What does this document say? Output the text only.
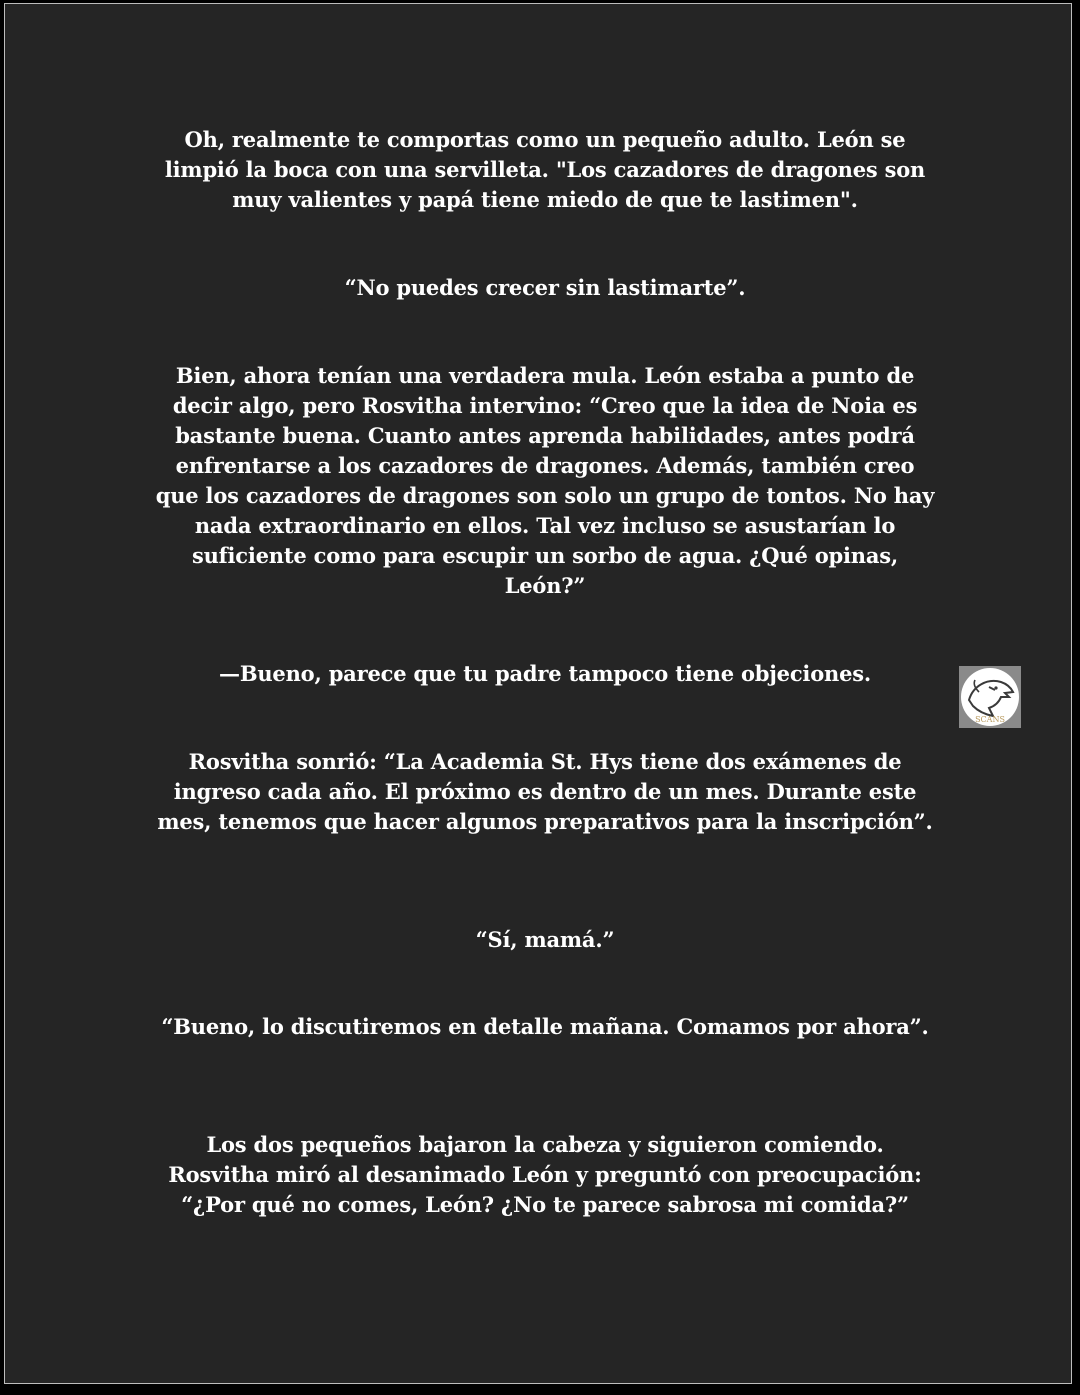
Oh, realmente te comportas como un pequeño adulto. León se limpió la boca con una servilleta. "Los cazadores de dragones son muy valientes y papá tiene miedo de que te lastimen".

“No puedes crecer sin lastimarte”.

Bien, ahora tenían una verdadera mula. León estaba a punto de decir algo, pero Rosvitha intervino: “Creo que la idea de Noia es bastante buena. Cuanto antes aprenda habilidades, antes podrá enfrentarse a los cazadores de dragones. Además, también creo que los cazadores de dragones son solo un grupo de tontos. No hay nada extraordinario en ellos. Tal vez incluso se asustarían lo suficiente como para escupir un sorbo de agua. ¿Qué opinas, León?”

—Bueno, parece que tu padre tampoco tiene objeciones.

Rosvitha sonrió: “La Academia St. Hys tiene dos exámenes de ingreso cada año. El próximo es dentro de un mes. Durante este mes, tenemos que hacer algunos preparativos para la inscripción”.

“Sí, mamá.”

“Bueno, lo discutiremos en detalle mañana. Comamos por ahora”.

Los dos pequeños bajaron la cabeza y siguieron comiendo. Rosvitha miró al desanimado León y preguntó con preocupación: “¿Por qué no comes, León? ¿No te parece sabrosa mi comida?”

SCANS
